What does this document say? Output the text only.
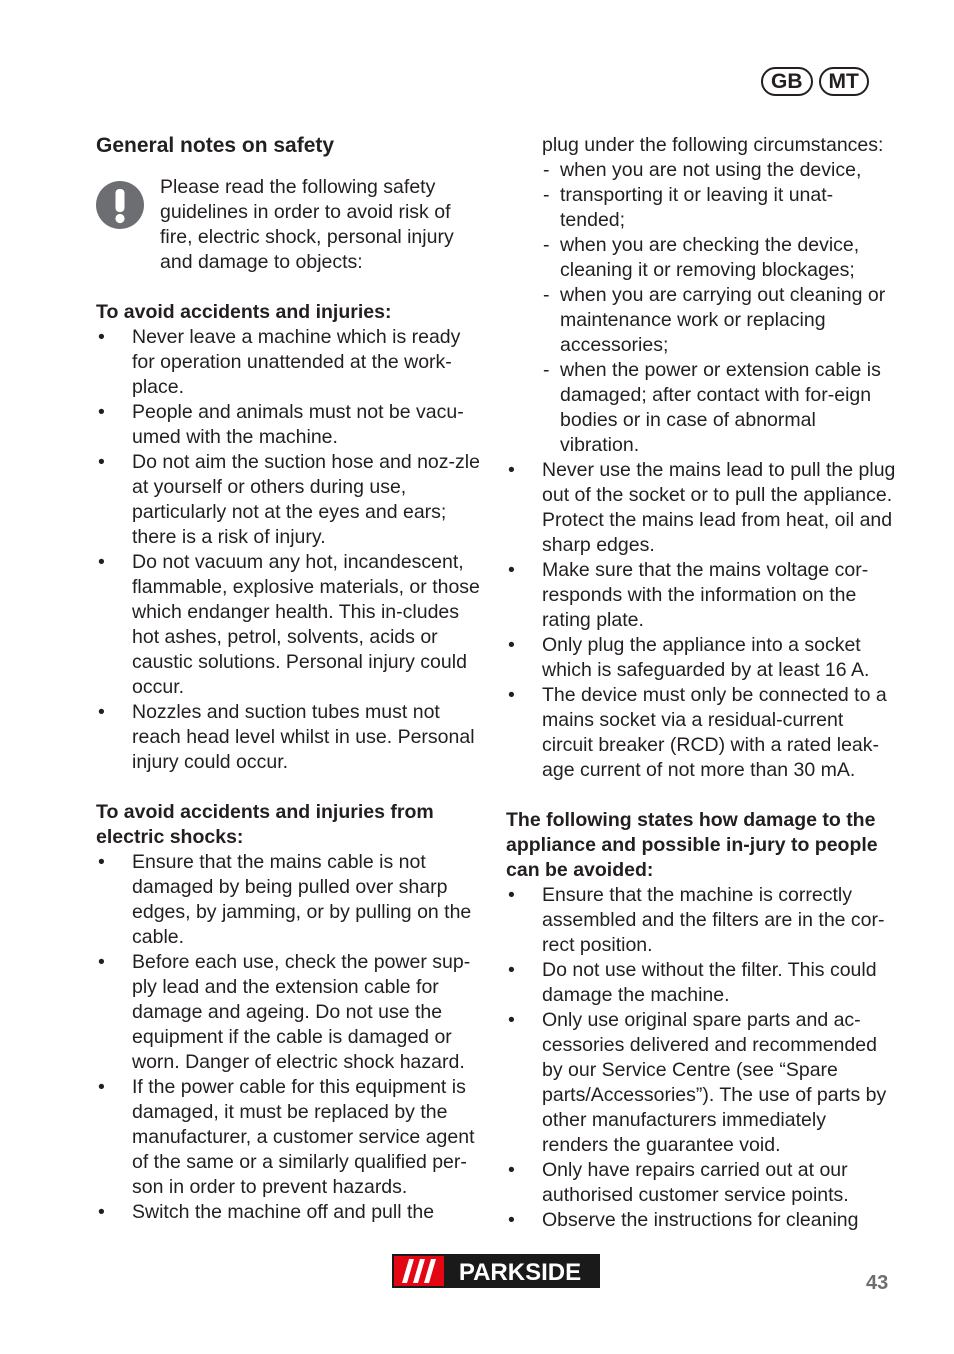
GB	MT
General notes on safety

Please read the following safety guidelines in order to avoid risk of fire, electric shock, personal injury and damage to objects:

To avoid accidents and injuries:

• Never leave a machine which is ready for operation unattended at the work-place.
• People and animals must not be vacu-umed with the machine.
• Do not aim the suction hose and noz-zle at yourself or others during use, particularly not at the eyes and ears; there is a risk of injury.
• Do not vacuum any hot, incandescent, flammable, explosive materials, or those which endanger health. This in-cludes hot ashes, petrol, solvents, acids or caustic solutions. Personal injury could occur.
• Nozzles and suction tubes must not reach head level whilst in use. Personal injury could occur.

To avoid accidents and injuries from electric shocks:

• Ensure that the mains cable is not damaged by being pulled over sharp edges, by jamming, or by pulling on the cable.
• Before each use, check the power sup-ply lead and the extension cable for damage and ageing. Do not use the equipment if the cable is damaged or worn. Danger of electric shock hazard.
• If the power cable for this equipment is damaged, it must be replaced by the manufacturer, a customer service agent of the same or a similarly qualified per-son in order to prevent hazards.
• Switch the machine off and pull the

plug under the following circumstances:

- when you are not using the device,
- transporting it or leaving it unat-tended;
- when you are checking the device, cleaning it or removing blockages;
- when you are carrying out cleaning or maintenance work or replacing accessories;
- when the power or extension cable is damaged; after contact with for-eign bodies or in case of abnormal vibration.
• Never use the mains lead to pull the plug out of the socket or to pull the appliance. Protect the mains lead from heat, oil and sharp edges.
• Make sure that the mains voltage cor-responds with the information on the rating plate.
• Only plug the appliance into a socket which is safeguarded by at least 16 A.
• The device must only be connected to a mains socket via a residual-current circuit breaker (RCD) with a rated leak-age current of not more than 30 mA.

The following states how damage to the appliance and possible in-jury to people can be avoided:

• Ensure that the machine is correctly assembled and the filters are in the cor-rect position.
• Do not use without the filter. This could damage the machine.
• Only use original spare parts and ac-cessories delivered and recommended by our Service Centre (see “Spare parts/Accessories”). The use of parts by other manufacturers immediately renders the guarantee void.
• Only have repairs carried out at our authorised customer service points.
• Observe the instructions for cleaning
PARKSIDE	43
